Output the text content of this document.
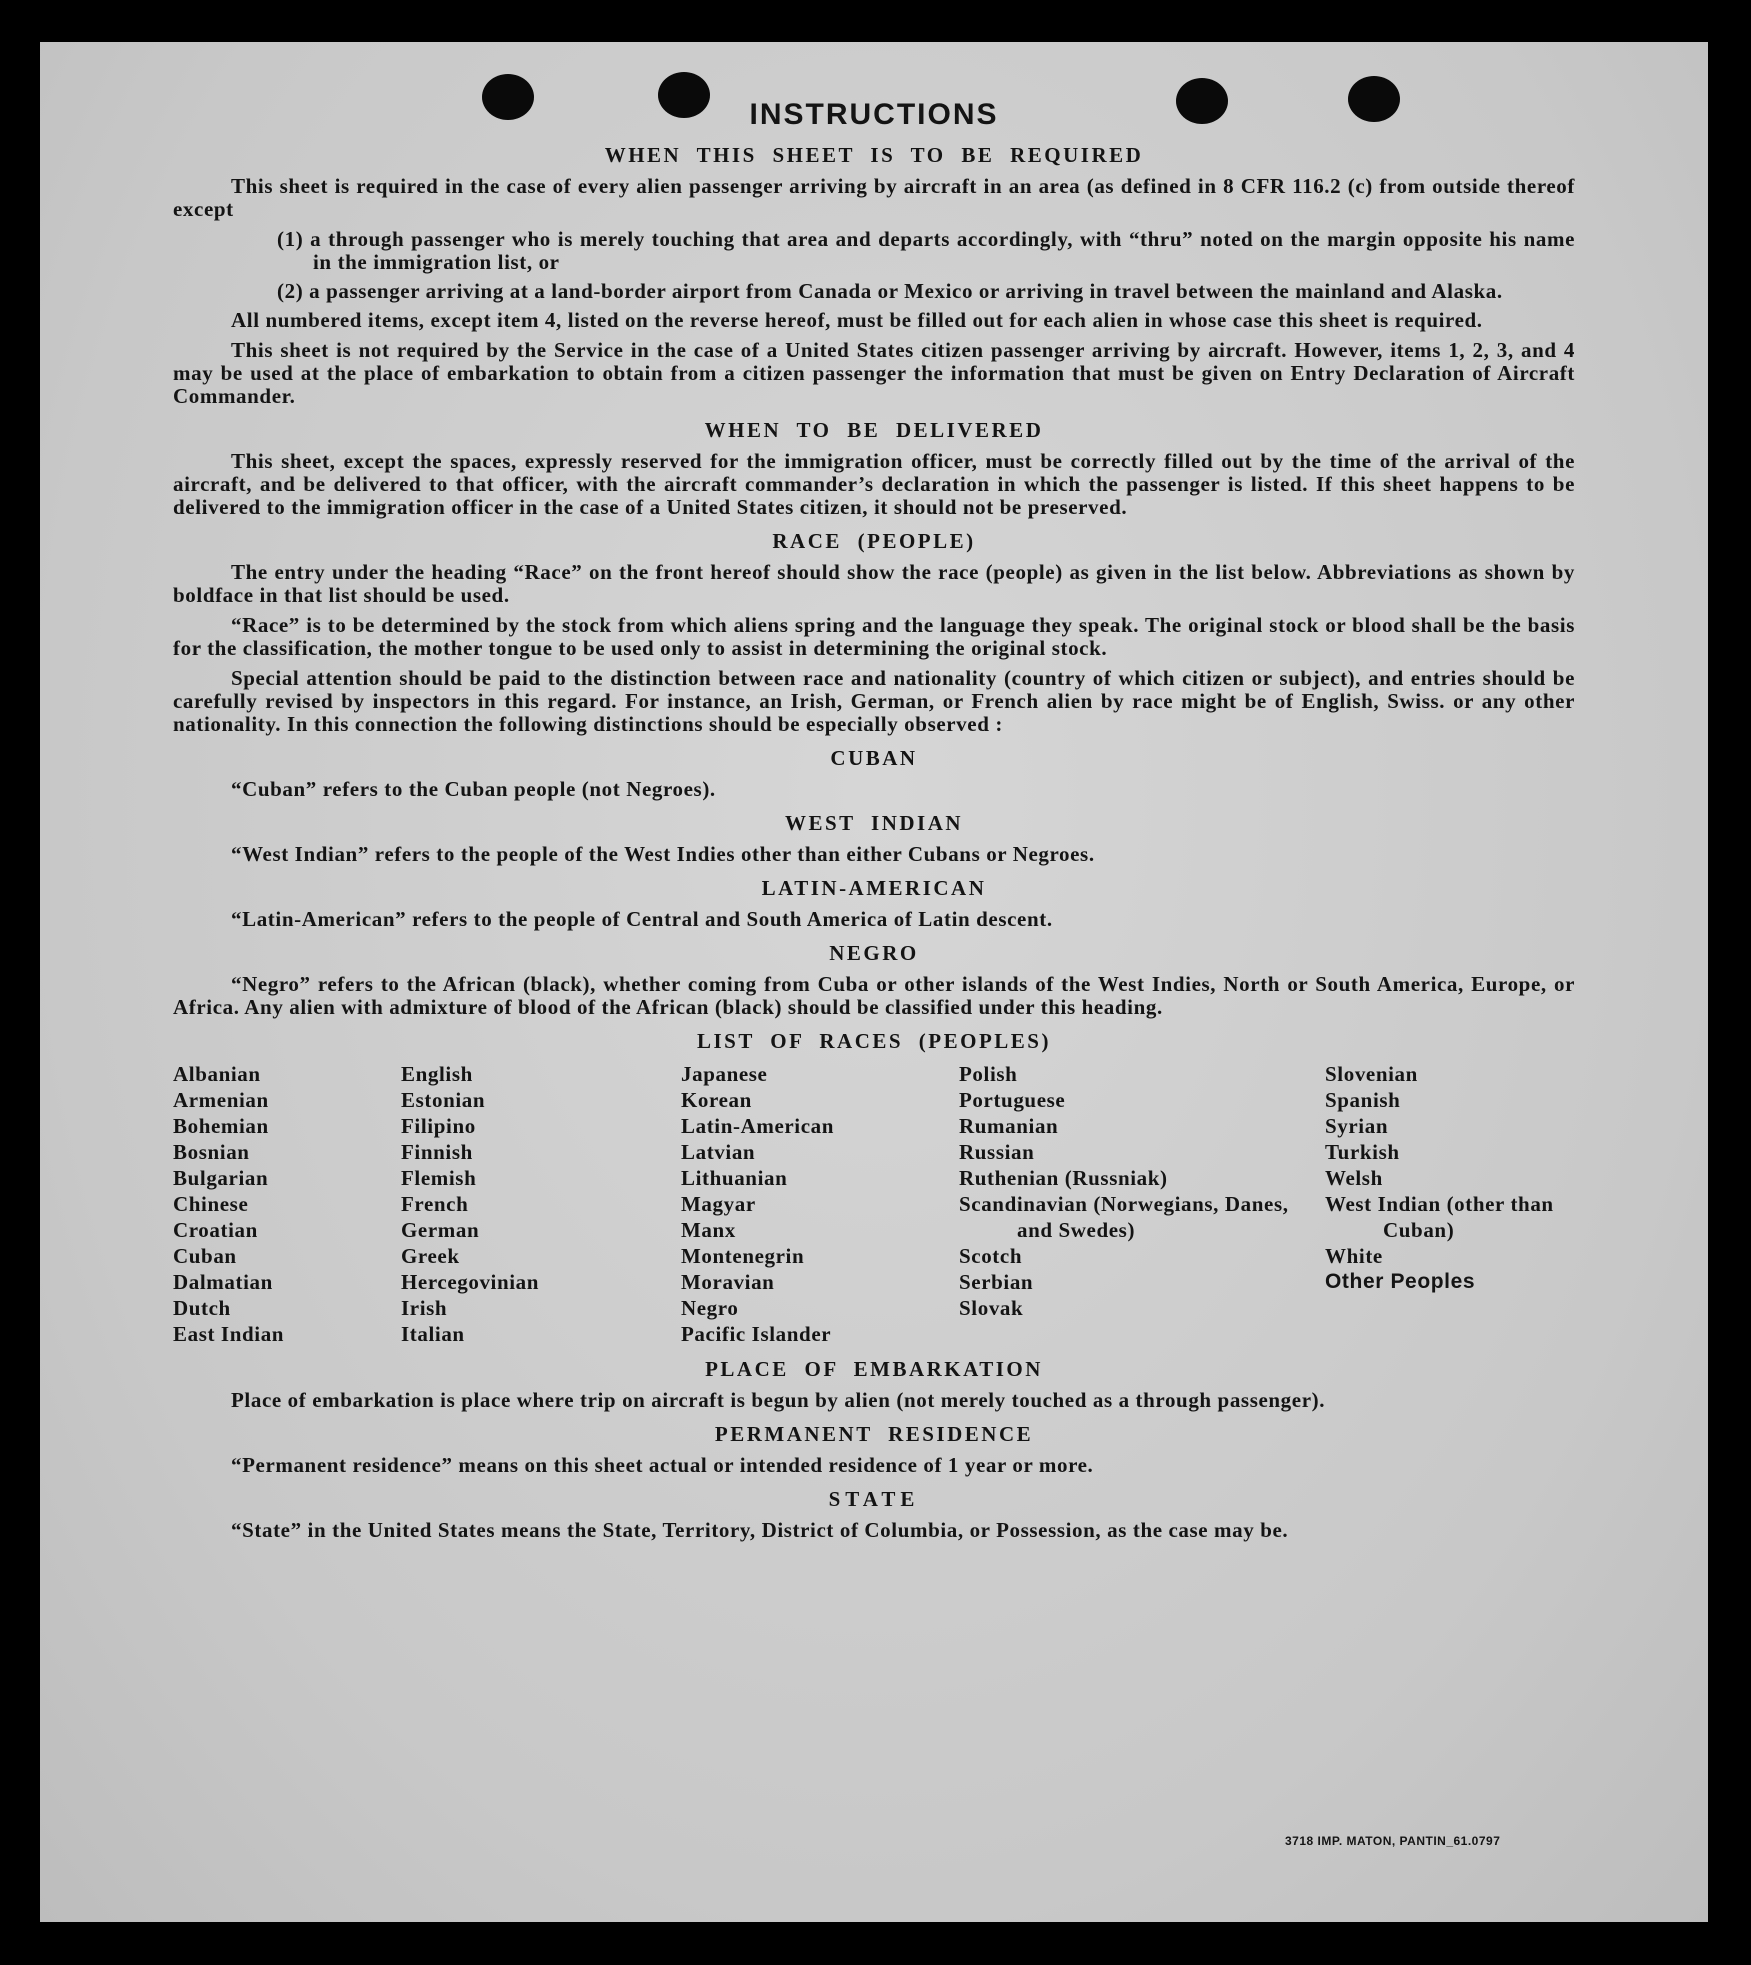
INSTRUCTIONS
WHEN THIS SHEET IS TO BE REQUIRED

This sheet is required in the case of every alien passenger arriving by aircraft in an area (as defined in 8 CFR 116.2 (c) from outside thereof except

(1) a through passenger who is merely touching that area and departs accordingly, with “thru” noted on the margin opposite his name in the immigration list, or

(2) a passenger arriving at a land-border airport from Canada or Mexico or arriving in travel between the mainland and Alaska.

All numbered items, except item 4, listed on the reverse hereof, must be filled out for each alien in whose case this sheet is required.

This sheet is not required by the Service in the case of a United States citizen passenger arriving by aircraft. However, items 1, 2, 3, and 4 may be used at the place of embarkation to obtain from a citizen passenger the information that must be given on Entry Declaration of Aircraft Commander.

WHEN TO BE DELIVERED

This sheet, except the spaces, expressly reserved for the immigration officer, must be correctly filled out by the time of the arrival of the aircraft, and be delivered to that officer, with the aircraft commander’s declaration in which the passenger is listed. If this sheet happens to be delivered to the immigration officer in the case of a United States citizen, it should not be preserved.

RACE (PEOPLE)

The entry under the heading “Race” on the front hereof should show the race (people) as given in the list below. Abbreviations as shown by boldface in that list should be used.

“Race” is to be determined by the stock from which aliens spring and the language they speak. The original stock or blood shall be the basis for the classification, the mother tongue to be used only to assist in determining the original stock.

Special attention should be paid to the distinction between race and nationality (country of which citizen or subject), and entries should be carefully revised by inspectors in this regard. For instance, an Irish, German, or French alien by race might be of English, Swiss. or any other nationality. In this connection the following distinctions should be especially observed :

CUBAN

“Cuban” refers to the Cuban people (not Negroes).

WEST INDIAN

“West Indian” refers to the people of the West Indies other than either Cubans or Negroes.

LATIN-AMERICAN

“Latin-American” refers to the people of Central and South America of Latin descent.

NEGRO

“Negro” refers to the African (black), whether coming from Cuba or other islands of the West Indies, North or South America, Europe, or Africa. Any alien with admixture of blood of the African (black) should be classified under this heading.

LIST OF RACES (PEOPLES)
Albanian
Armenian
Bohemian
Bosnian
Bulgarian
Chinese
Croatian
Cuban
Dalmatian
Dutch
East Indian
English
Estonian
Filipino
Finnish
Flemish
French
German
Greek
Hercegovinian
Irish
Italian
Japanese
Korean
Latin-American
Latvian
Lithuanian
Magyar
Manx
Montenegrin
Moravian
Negro
Pacific Islander
Polish
Portuguese
Rumanian
Russian
Ruthenian (Russniak)
Scandinavian (Norwegians, Danes, and Swedes)
Scotch
Serbian
Slovak
Slovenian
Spanish
Syrian
Turkish
Welsh
West Indian (other than Cuban)
White
Other Peoples
PLACE OF EMBARKATION

Place of embarkation is place where trip on aircraft is begun by alien (not merely touched as a through passenger).

PERMANENT RESIDENCE

“Permanent residence” means on this sheet actual or intended residence of 1 year or more.

STATE

“State” in the United States means the State, Territory, District of Columbia, or Possession, as the case may be.

3718 IMP. MATON, PANTIN_61.0797
